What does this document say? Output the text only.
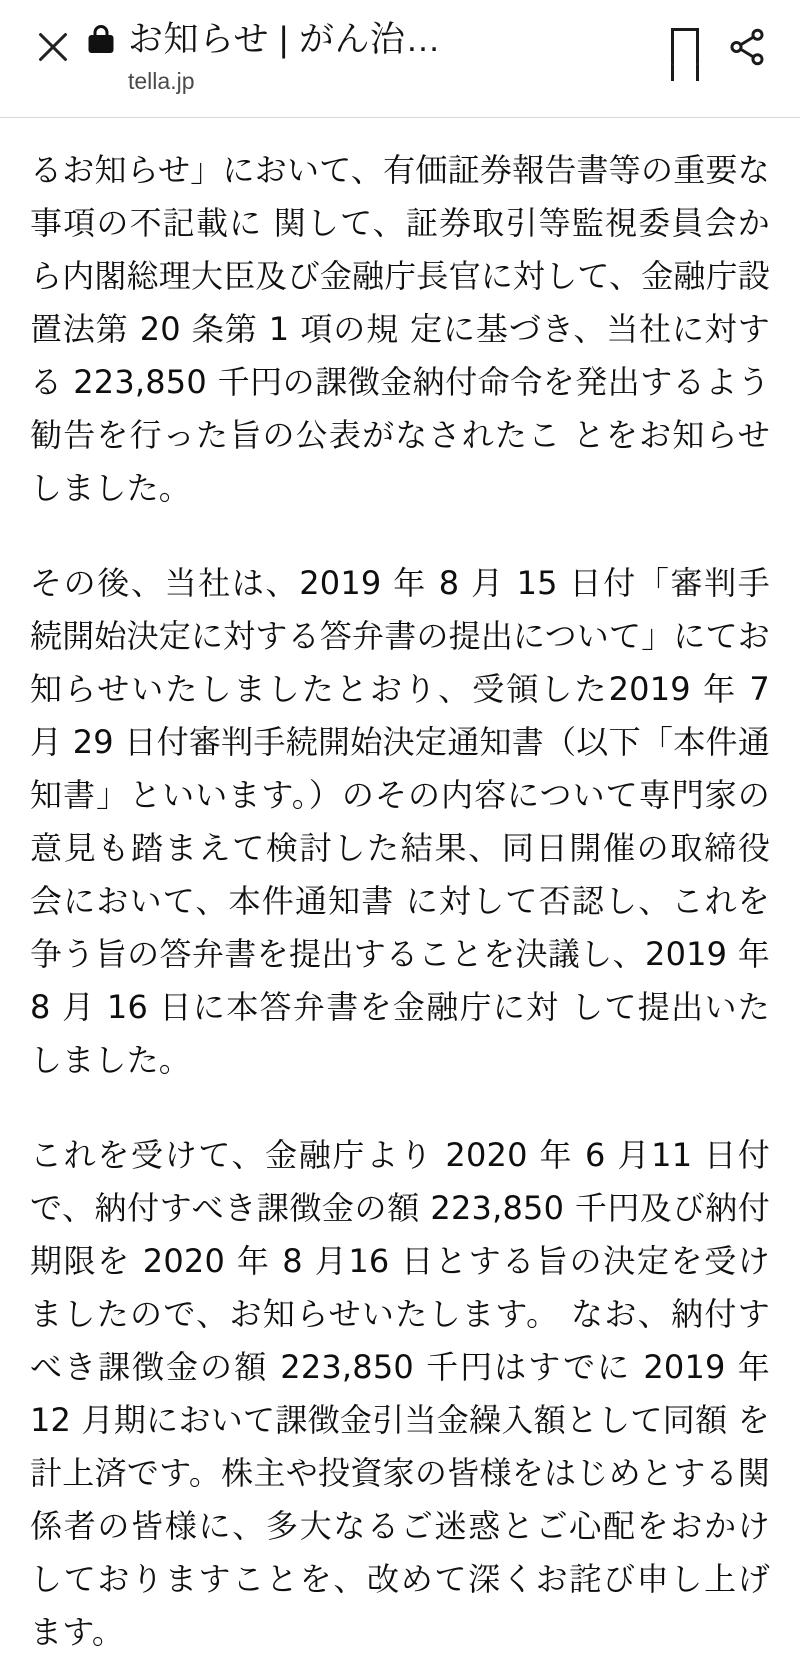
お知らせ | がん治…
tella.jp

るお知らせ」において、有価証券報告書等の重要な事項の不記載に 関して、証券取引等監視委員会から内閣総理大臣及び金融庁長官に対して、金融庁設置法第 20 条第 1 項の規 定に基づき、当社に対する 223,850 千円の課徴金納付命令を発出するよう勧告を行った旨の公表がなされたこ とをお知らせしました。

その後、当社は、2019 年 8 月 15 日付「審判手続開始決定に対する答弁書の提出について」にてお知らせいたしましたとおり、受領した2019 年 7 月 29 日付審判手続開始決定通知書（以下「本件通知書」といいます。）のその内容について専門家の意見も踏まえて検討した結果、同日開催の取締役会において、本件通知書 に対して否認し、これを争う旨の答弁書を提出することを決議し、2019 年 8 月 16 日に本答弁書を金融庁に対 して提出いたしました。

これを受けて、金融庁より 2020 年 6 月11 日付で、納付すべき課徴金の額 223,850 千円及び納付期限を 2020 年 8 月16 日とする旨の決定を受けましたので、お知らせいたします。 なお、納付すべき課徴金の額 223,850 千円はすでに 2019 年12 月期において課徴金引当金繰入額として同額 を計上済です。株主や投資家の皆様をはじめとする関係者の皆様に、多大なるご迷惑とご心配をおかけしておりますことを、改めて深くお詫び申し上げます。
